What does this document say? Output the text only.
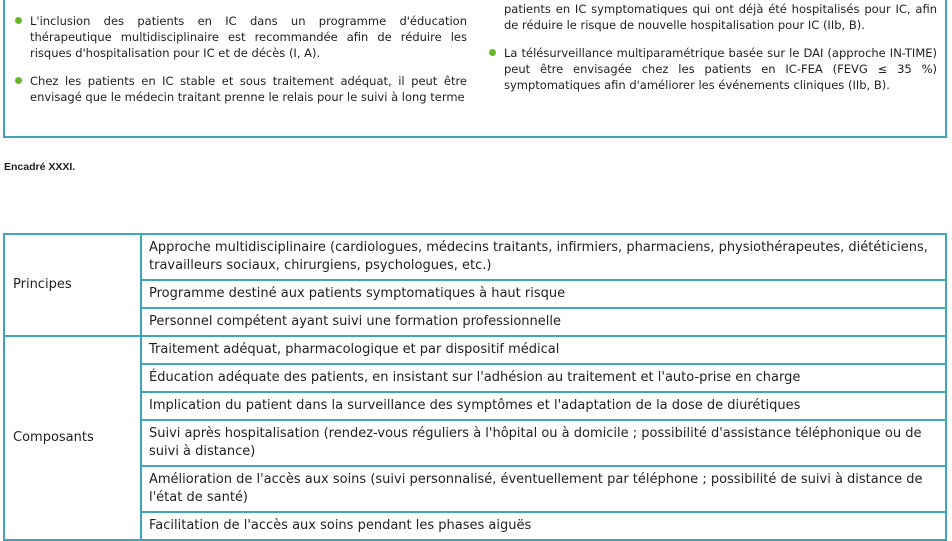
L'inclusion des patients en IC dans un programme d'éducation thérapeutique multidisciplinaire est recommandée afin de réduire les risques d'hospitalisation pour IC et de décès (I, A).
Chez les patients en IC stable et sous traitement adéquat, il peut être envisagé que le médecin traitant prenne le relais pour le suivi à long terme
patients en IC symptomatiques qui ont déjà été hospitalisés pour IC, afin de réduire le risque de nouvelle hospitalisation pour IC (IIb, B).
La télésurveillance multiparamétrique basée sur le DAI (approche IN-TIME) peut être envisagée chez les patients en IC-FEA (FEVG ≤ 35 %) symptomatiques afin d'améliorer les événements cliniques (IIb, B).
Encadré XXXI.
Principes	Approche multidisciplinaire (cardiologues, médecins traitants, infirmiers, pharmaciens, physiothérapeutes, diététiciens, travailleurs sociaux, chirurgiens, psychologues, etc.)
	Programme destiné aux patients symptomatiques à haut risque
	Personnel compétent ayant suivi une formation professionnelle
Composants	Traitement adéquat, pharmacologique et par dispositif médical
	Éducation adéquate des patients, en insistant sur l'adhésion au traitement et l'auto-prise en charge
	Implication du patient dans la surveillance des symptômes et l'adaptation de la dose de diurétiques
	Suivi après hospitalisation (rendez-vous réguliers à l'hôpital ou à domicile ; possibilité d'assistance téléphonique ou de suivi à distance)
	Amélioration de l'accès aux soins (suivi personnalisé, éventuellement par téléphone ; possibilité de suivi à distance de l'état de santé)
	Facilitation de l'accès aux soins pendant les phases aiguës
